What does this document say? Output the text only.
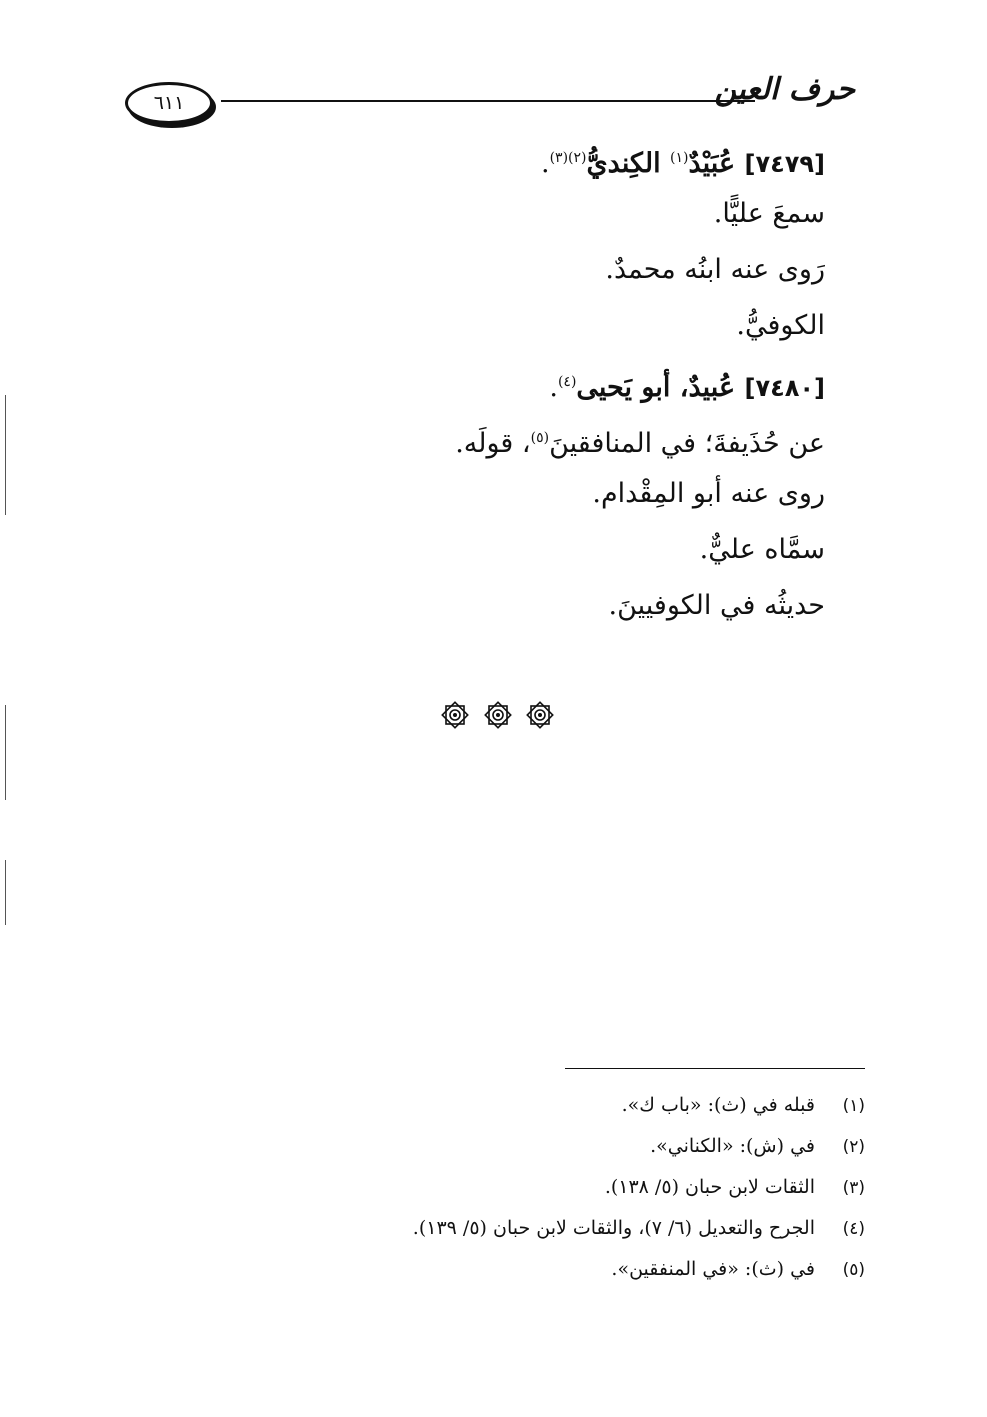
٦١١	حرف العين
[٧٤٧٩] عُبَيْدٌ$^{(١)}$ الكِنديُّ$^{(٢)(٣)}$.
سمعَ عليًّا.
رَوى عنه ابنُه محمدٌ.
الكوفيُّ.
[٧٤٨٠] عُبيدٌ، أبو يَحيى$^{(٤)}$.
عن حُذَيفةَ؛ في المنافقينَ$^{(٥)}$، قولَه.
روى عنه أبو المِقْدام.
سمَّاه عليٌّ.
حديثُه في الكوفيينَ.
(١)قبله في (ث): «باب ك».
(٢)في (ش): «الكناني».
(٣)الثقات لابن حبان (٥/ ١٣٨).
(٤)الجرح والتعديل (٦/ ٧)، والثقات لابن حبان (٥/ ١٣٩).
(٥)في (ث): «في المنفقين».
